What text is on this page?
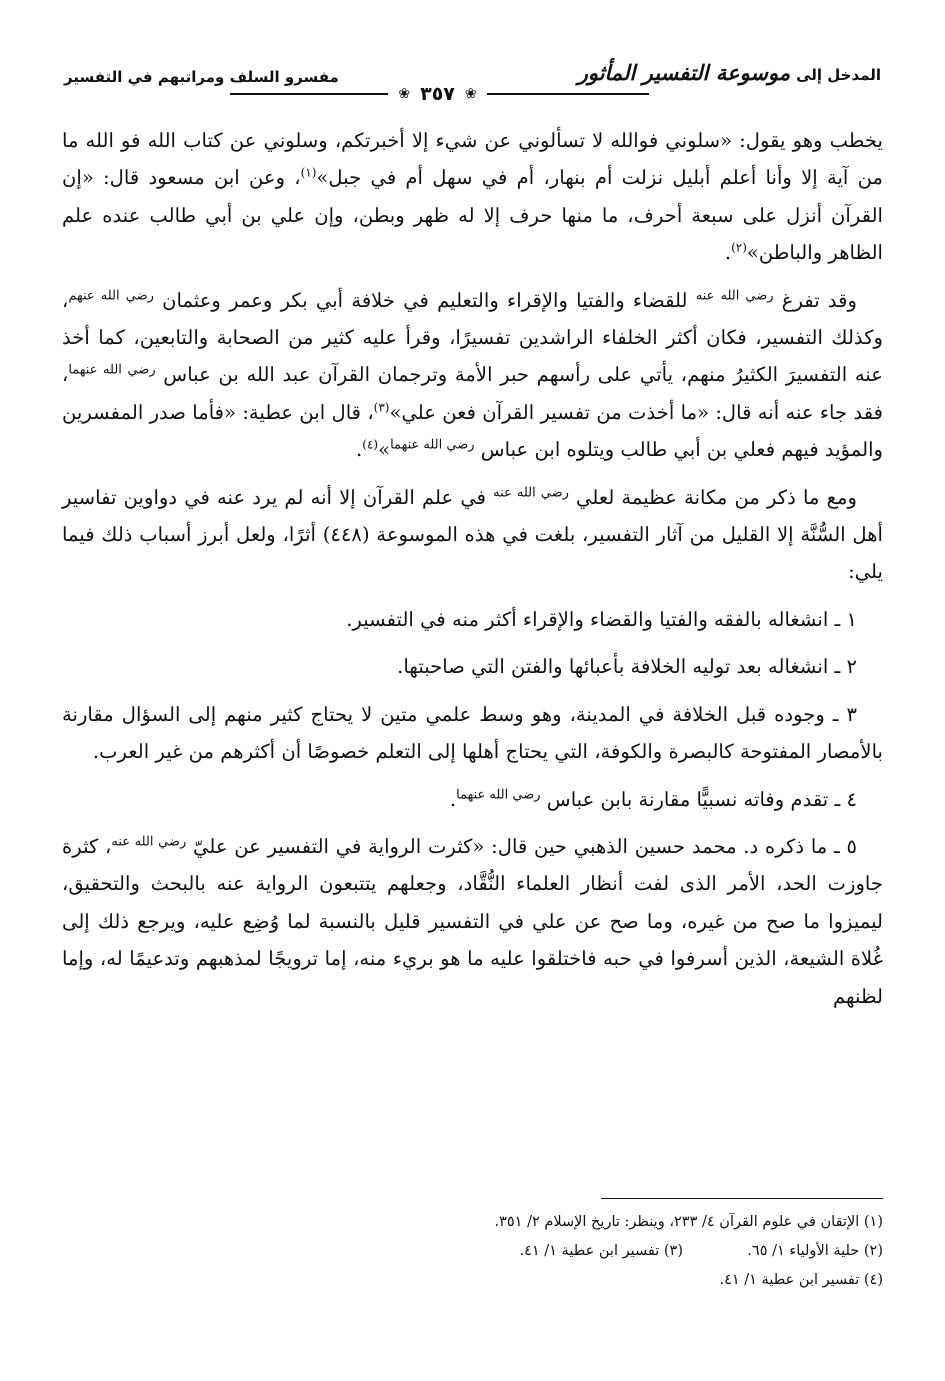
المدخل إلى
موسوعة التفسير المأثور
مفسرو السلف ومراتبهم في التفسير
❀
٣٥٧
❀

يخطب وهو يقول: «سلوني فوالله لا تسألوني عن شيء إلا أخبرتكم، وسلوني عن كتاب الله فو الله ما من آية إلا وأنا أعلم أبليل نزلت أم بنهار، أم في سهل أم في جبل»$^{(١)}$، وعن ابن مسعود قال: «إن القرآن أنزل على سبعة أحرف، ما منها حرف إلا له ظهر وبطن، وإن علي بن أبي طالب عنده علم الظاهر والباطن»$^{(٢)}$.

وقد تفرغ $^{رضي الله عنه}$ للقضاء والفتيا والإقراء والتعليم في خلافة أبي بكر وعمر وعثمان $^{رضي الله عنهم}$، وكذلك التفسير، فكان أكثر الخلفاء الراشدين تفسيرًا، وقرأ عليه كثير من الصحابة والتابعين، كما أخذ عنه التفسيرَ الكثيرُ منهم، يأتي على رأسهم حبر الأمة وترجمان القرآن عبد الله بن عباس $^{رضي الله عنهما}$، فقد جاء عنه أنه قال: «ما أخذت من تفسير القرآن فعن علي»$^{(٣)}$، قال ابن عطية: «فأما صدر المفسرين والمؤيد فيهم فعلي بن أبي طالب ويتلوه ابن عباس $^{رضي الله عنهما}$»$^{(٤)}$.

ومع ما ذكر من مكانة عظيمة لعلي $^{رضي الله عنه}$ في علم القرآن إلا أنه لم يرد عنه في دواوين تفاسير أهل السُّنَّة إلا القليل من آثار التفسير، بلغت في هذه الموسوعة (٤٤٨) أثرًا، ولعل أبرز أسباب ذلك فيما يلي:

١ ـ انشغاله بالفقه والفتيا والقضاء والإقراء أكثر منه في التفسير.

٢ ـ انشغاله بعد توليه الخلافة بأعبائها والفتن التي صاحبتها.

٣ ـ وجوده قبل الخلافة في المدينة، وهو وسط علمي متين لا يحتاج كثير منهم إلى السؤال مقارنة بالأمصار المفتوحة كالبصرة والكوفة، التي يحتاج أهلها إلى التعلم خصوصًا أن أكثرهم من غير العرب.

٤ ـ تقدم وفاته نسبيًّا مقارنة بابن عباس $^{رضي الله عنهما}$.

٥ ـ ما ذكره د. محمد حسين الذهبي حين قال: «كثرت الرواية في التفسير عن عليّ $^{رضي الله عنه}$، كثرة جاوزت الحد، الأمر الذى لفت أنظار العلماء النُّقَّاد، وجعلهم يتتبعون الرواية عنه بالبحث والتحقيق، ليميزوا ما صح من غيره، وما صح عن علي في التفسير قليل بالنسبة لما وُضِع عليه، ويرجع ذلك إلى غُلاة الشيعة، الذين أسرفوا في حبه فاختلقوا عليه ما هو بريء منه، إما ترويجًا لمذهبهم وتدعيمًا له، وإما لظنهم

(١) الإتقان في علوم القرآن ٤/ ٢٣٣، وينظر: تاريخ الإسلام ٢/ ٣٥١.
(٢) حلية الأولياء ١/ ٦٥.
(٣) تفسير ابن عطية ١/ ٤١.
(٤) تفسير ابن عطية ١/ ٤١.
